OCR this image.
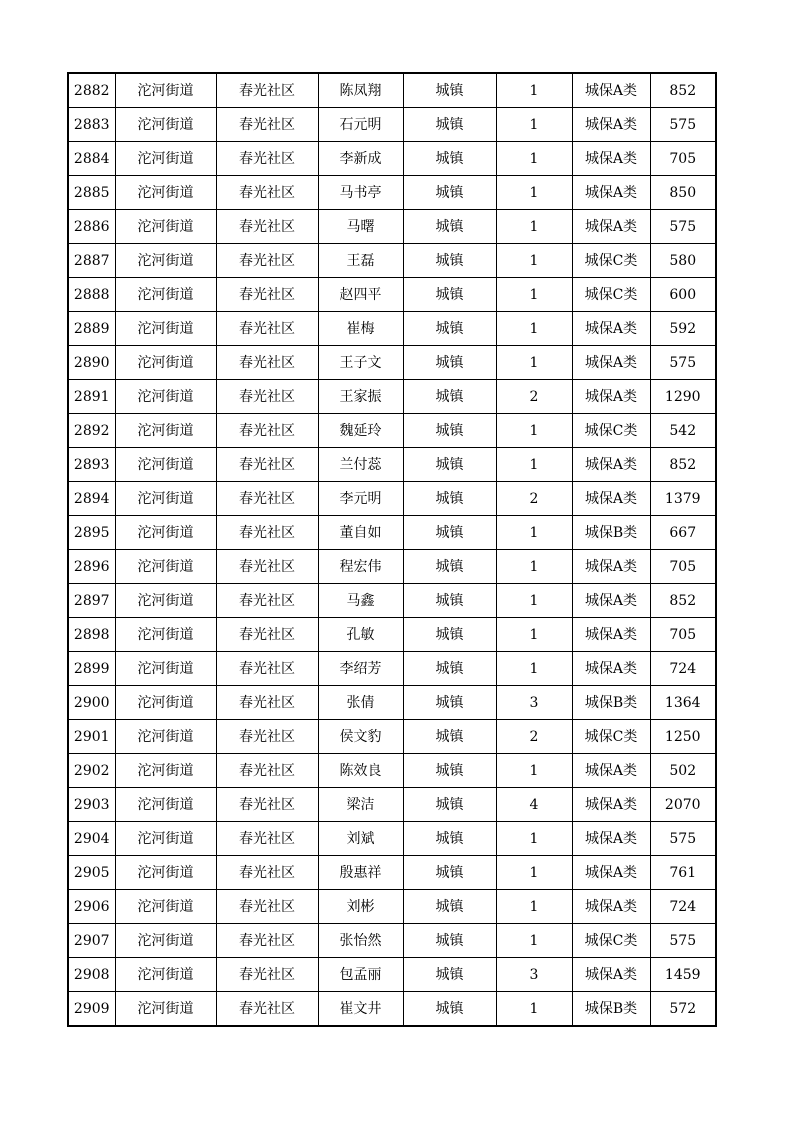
2882	沱河街道	春光社区	陈凤翔	城镇	1	城保A类	852
2883	沱河街道	春光社区	石元明	城镇	1	城保A类	575
2884	沱河街道	春光社区	李新成	城镇	1	城保A类	705
2885	沱河街道	春光社区	马书亭	城镇	1	城保A类	850
2886	沱河街道	春光社区	马曙	城镇	1	城保A类	575
2887	沱河街道	春光社区	王磊	城镇	1	城保C类	580
2888	沱河街道	春光社区	赵四平	城镇	1	城保C类	600
2889	沱河街道	春光社区	崔梅	城镇	1	城保A类	592
2890	沱河街道	春光社区	王子文	城镇	1	城保A类	575
2891	沱河街道	春光社区	王家振	城镇	2	城保A类	1290
2892	沱河街道	春光社区	魏延玲	城镇	1	城保C类	542
2893	沱河街道	春光社区	兰付蕊	城镇	1	城保A类	852
2894	沱河街道	春光社区	李元明	城镇	2	城保A类	1379
2895	沱河街道	春光社区	董自如	城镇	1	城保B类	667
2896	沱河街道	春光社区	程宏伟	城镇	1	城保A类	705
2897	沱河街道	春光社区	马鑫	城镇	1	城保A类	852
2898	沱河街道	春光社区	孔敏	城镇	1	城保A类	705
2899	沱河街道	春光社区	李绍芳	城镇	1	城保A类	724
2900	沱河街道	春光社区	张倩	城镇	3	城保B类	1364
2901	沱河街道	春光社区	侯文豹	城镇	2	城保C类	1250
2902	沱河街道	春光社区	陈效良	城镇	1	城保A类	502
2903	沱河街道	春光社区	梁洁	城镇	4	城保A类	2070
2904	沱河街道	春光社区	刘斌	城镇	1	城保A类	575
2905	沱河街道	春光社区	殷惠祥	城镇	1	城保A类	761
2906	沱河街道	春光社区	刘彬	城镇	1	城保A类	724
2907	沱河街道	春光社区	张怡然	城镇	1	城保C类	575
2908	沱河街道	春光社区	包孟丽	城镇	3	城保A类	1459
2909	沱河街道	春光社区	崔文井	城镇	1	城保B类	572
